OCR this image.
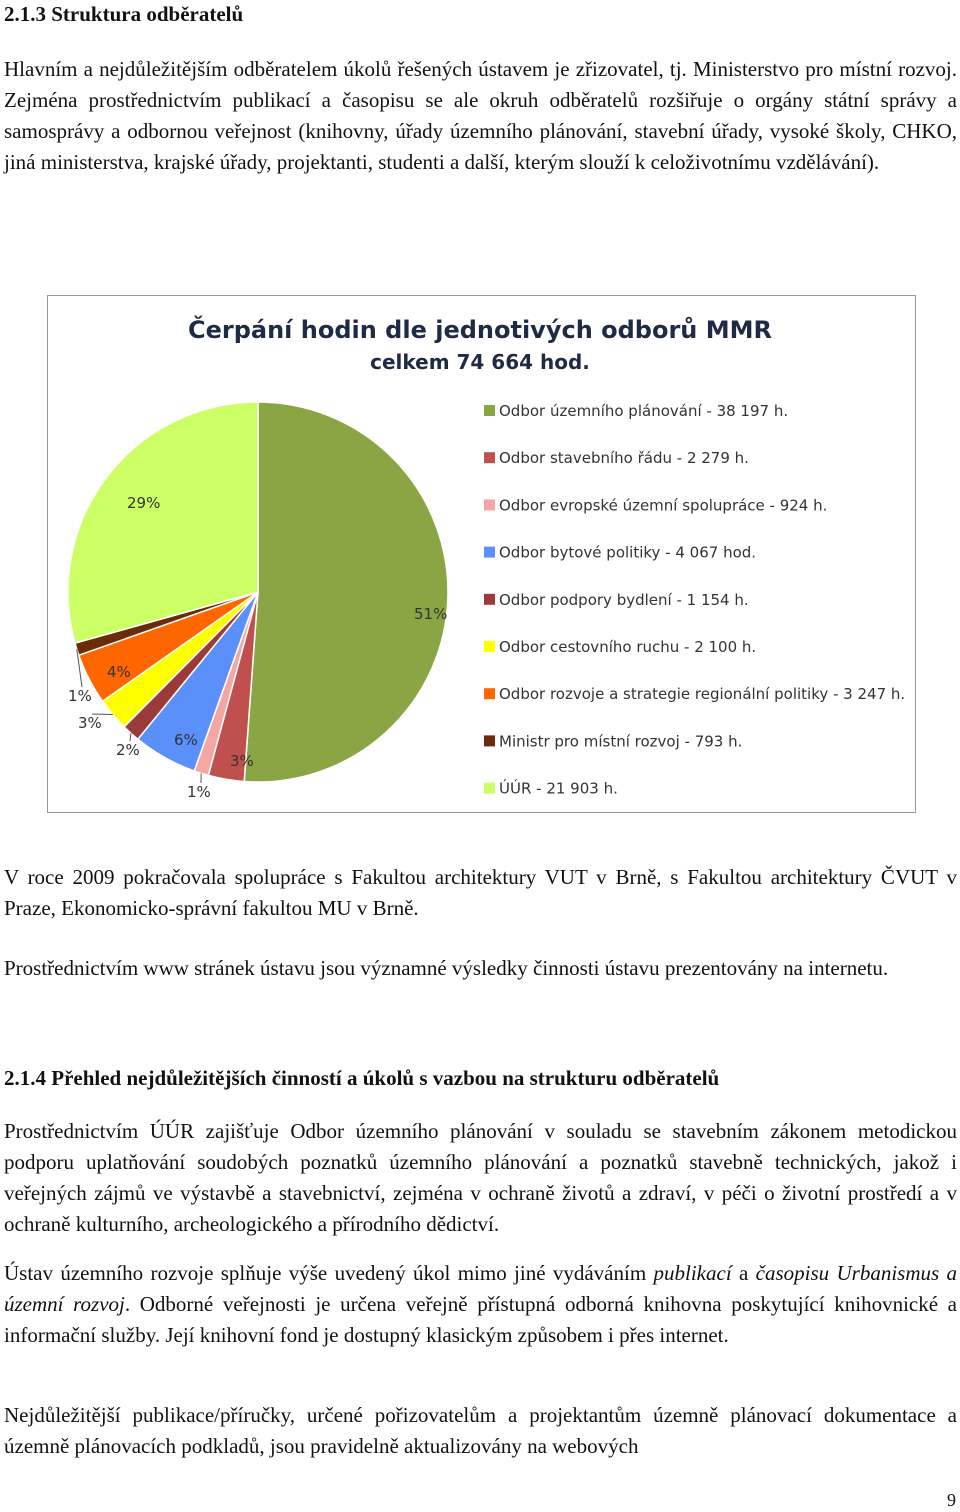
2.1.3 Struktura odběratelů

Hlavním a nejdůležitějším odběratelem úkolů řešených ústavem je zřizovatel, tj. Ministerstvo pro místní rozvoj. Zejména prostřednictvím publikací a časopisu se ale okruh odběratelů rozšiřuje o orgány státní správy a samosprávy a odbornou veřejnost (knihovny, úřady územního plánování, stavební úřady, vysoké školy, CHKO, jiná ministerstva, krajské úřady, projektanti, studenti a další, kterým slouží k celoživotnímu vzdělávání).

Čerpání hodin dle jednotivých odborů MMR
celkem 74 664 hod.
51%
3%
1%
6%
2%
3%
4%
1%
29%
Odbor územního plánování - 38 197 h.
Odbor stavebního řádu - 2 279 h.
Odbor evropské územní spolupráce - 924 h.
Odbor bytové politiky - 4 067 hod.
Odbor podpory bydlení - 1 154 h.
Odbor cestovního ruchu - 2 100 h.
Odbor rozvoje a strategie regionální politiky - 3 247 h.
Ministr pro místní rozvoj - 793 h.
ÚÚR - 21 903 h.

V roce 2009 pokračovala spolupráce s Fakultou architektury VUT v Brně, s Fakultou architektury ČVUT v Praze, Ekonomicko-správní fakultou MU v Brně.

Prostřednictvím www stránek ústavu jsou významné výsledky činnosti ústavu prezentovány na internetu.

2.1.4 Přehled nejdůležitějších činností a úkolů s vazbou na strukturu odběratelů

Prostřednictvím ÚÚR zajišťuje Odbor územního plánování v souladu se stavebním zákonem metodickou podporu uplatňování soudobých poznatků územního plánování a poznatků stavebně technických, jakož i veřejných zájmů ve výstavbě a stavebnictví, zejména v ochraně životů a zdraví, v péči o životní prostředí a v ochraně kulturního, archeologického a přírodního dědictví.

Ústav územního rozvoje splňuje výše uvedený úkol mimo jiné vydáváním publikací a časopisu Urbanismus a územní rozvoj. Odborné veřejnosti je určena veřejně přístupná odborná knihovna poskytující knihovnické a informační služby. Její knihovní fond je dostupný klasickým způsobem i přes internet.

Nejdůležitější publikace/příručky, určené pořizovatelům a projektantům územně plánovací dokumentace a územně plánovacích podkladů, jsou pravidelně aktualizovány na webových

9
